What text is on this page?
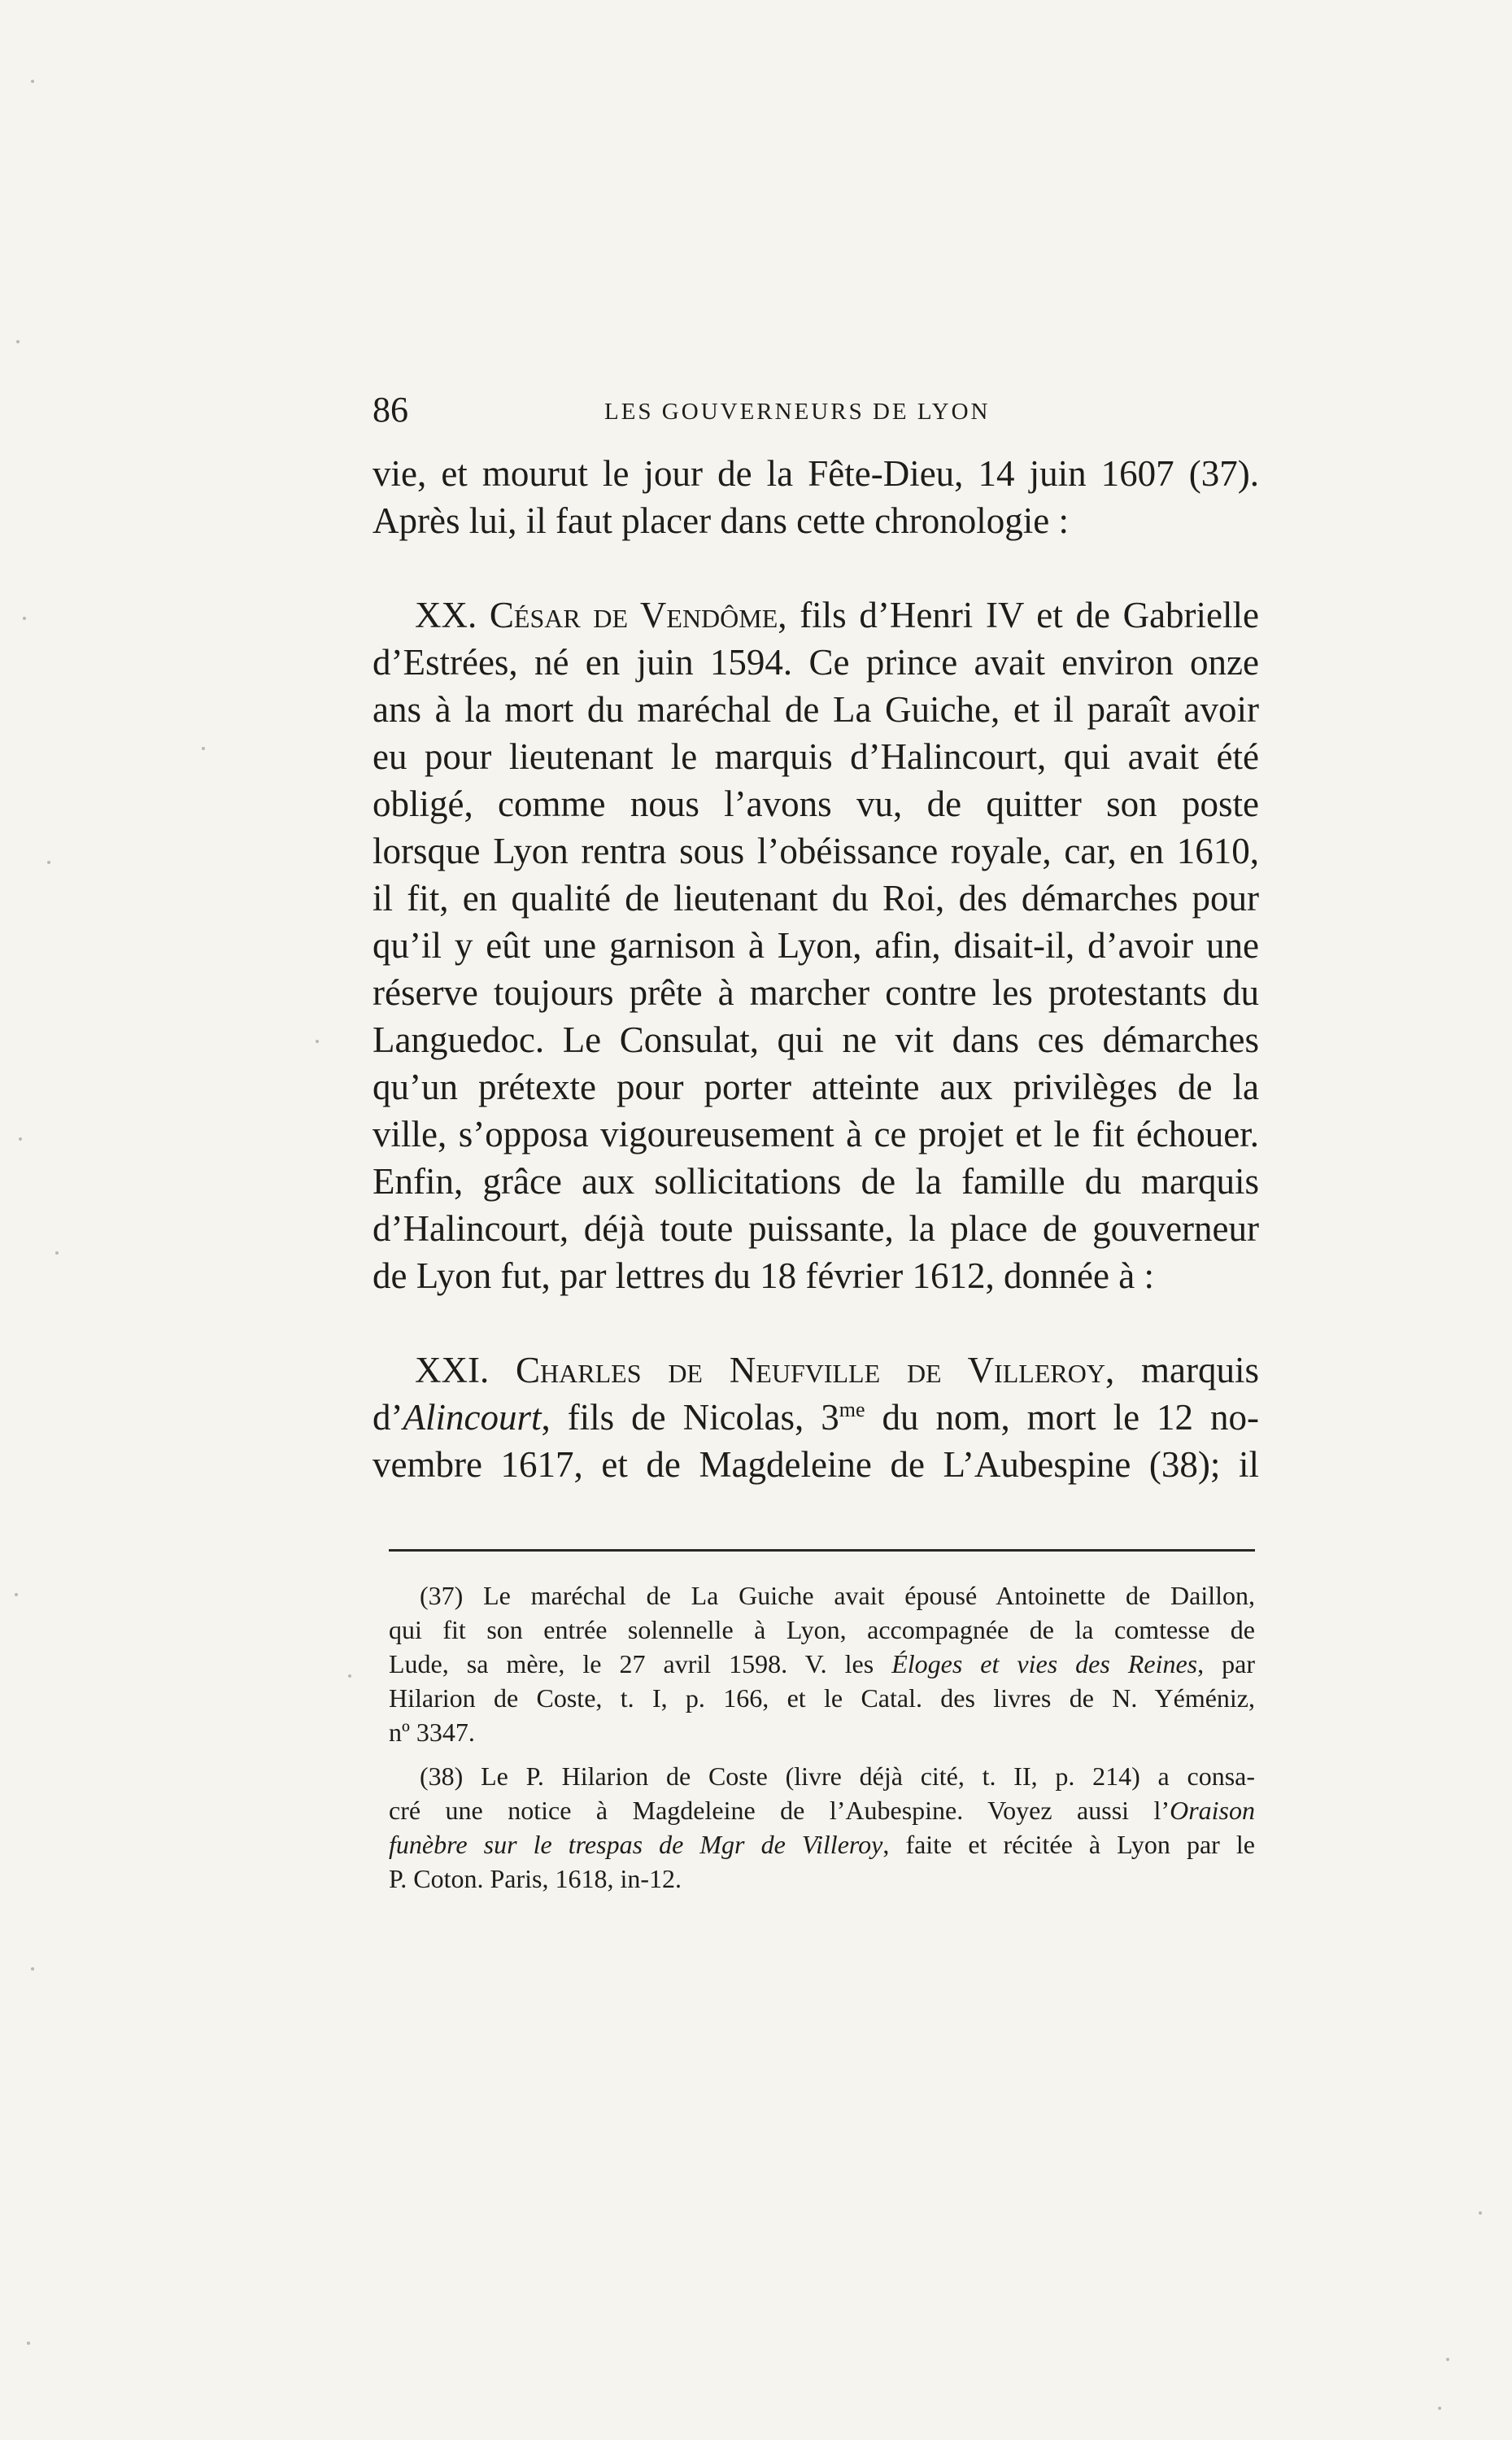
86	LES GOUVERNEURS DE LYON
vie, et mourut le jour de la Fête-Dieu, 14 juin 1607 (37).
Après lui, il faut placer dans cette chronologie :
XX. César de Vendôme, fils d’Henri IV et de Gabrielle
d’Estrées, né en juin 1594. Ce prince avait environ onze
ans à la mort du maréchal de La Guiche, et il paraît avoir
eu pour lieutenant le marquis d’Halincourt, qui avait été
obligé, comme nous l’avons vu, de quitter son poste
lorsque Lyon rentra sous l’obéissance royale, car, en 1610,
il fit, en qualité de lieutenant du Roi, des démarches pour
qu’il y eût une garnison à Lyon, afin, disait-il, d’avoir une
réserve toujours prête à marcher contre les protestants du
Languedoc. Le Consulat, qui ne vit dans ces démarches
qu’un prétexte pour porter atteinte aux privilèges de la
ville, s’opposa vigoureusement à ce projet et le fit échouer.
Enfin, grâce aux sollicitations de la famille du marquis
d’Halincourt, déjà toute puissante, la place de gouverneur
de Lyon fut, par lettres du 18 février 1612, donnée à :
XXI. Charles de Neufville de Villeroy, marquis
d’Alincourt, fils de Nicolas, $3^{me}$ du nom, mort le 12 no-
vembre 1617, et de Magdeleine de L’Aubespine (38); il
(37) Le maréchal de La Guiche avait épousé Antoinette de Daillon,
qui fit son entrée solennelle à Lyon, accompagnée de la comtesse de
Lude, sa mère, le 27 avril 1598. V. les Éloges et vies des Reines, par
Hilarion de Coste, t. I, p. 166, et le Catal. des livres de N. Yéméniz,
nº 3347.
(38) Le P. Hilarion de Coste (livre déjà cité, t. II, p. 214) a consa-
cré une notice à Magdeleine de l’Aubespine. Voyez aussi l’Oraison
funèbre sur le trespas de Mgr de Villeroy, faite et récitée à Lyon par le
P. Coton. Paris, 1618, in-12.
